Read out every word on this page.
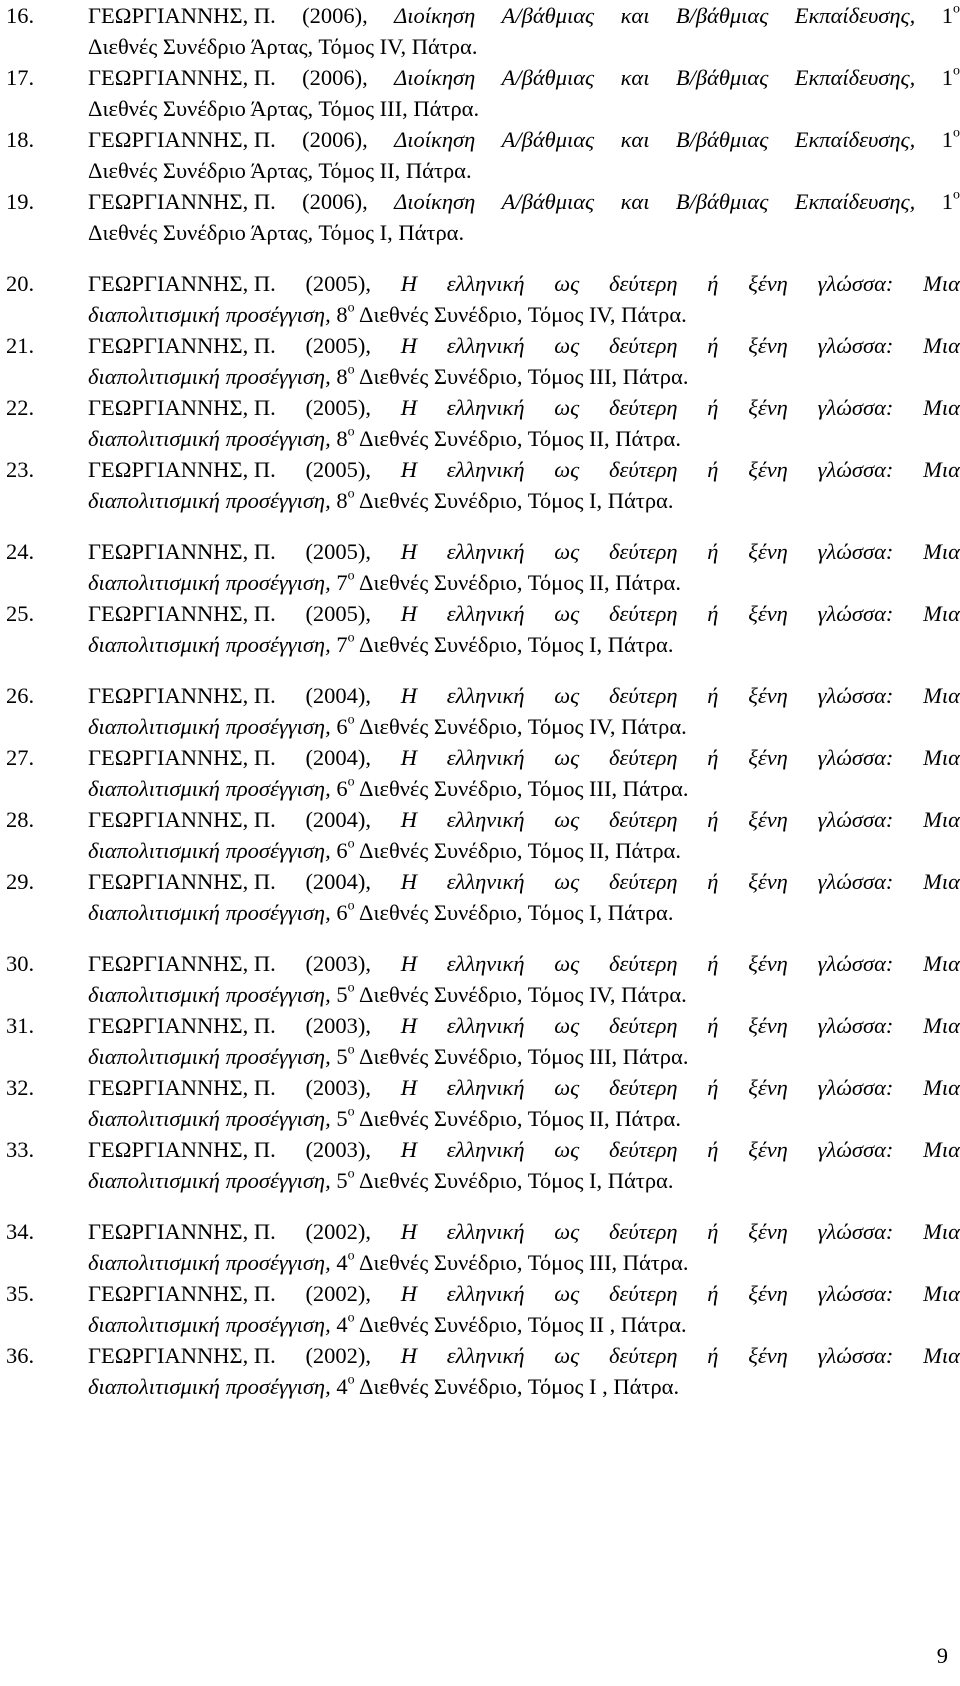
16.	ΓΕΩΡΓΙΑΝΝΗΣ, Π. (2006), Διοίκηση Α/βάθμιας και Β/βάθμιας Εκπαίδευσης, $1^o$
Διεθνές Συνέδριο Άρτας, Τόμος IV, Πάτρα.
17.	ΓΕΩΡΓΙΑΝΝΗΣ, Π. (2006), Διοίκηση Α/βάθμιας και Β/βάθμιας Εκπαίδευσης, $1^o$
Διεθνές Συνέδριο Άρτας, Τόμος ΙΙΙ, Πάτρα.
18.	ΓΕΩΡΓΙΑΝΝΗΣ, Π. (2006), Διοίκηση Α/βάθμιας και Β/βάθμιας Εκπαίδευσης, $1^o$
Διεθνές Συνέδριο Άρτας, Τόμος ΙΙ, Πάτρα.
19.	ΓΕΩΡΓΙΑΝΝΗΣ, Π. (2006), Διοίκηση Α/βάθμιας και Β/βάθμιας Εκπαίδευσης, $1^o$
Διεθνές Συνέδριο Άρτας, Τόμος Ι, Πάτρα.
20.	ΓΕΩΡΓΙΑΝΝΗΣ, Π. (2005), Η ελληνική ως δεύτερη ή ξένη γλώσσα: Μια
διαπολιτισμική προσέγγιση, $8^o$ Διεθνές Συνέδριο, Τόμος IV, Πάτρα.
21.	ΓΕΩΡΓΙΑΝΝΗΣ, Π. (2005), Η ελληνική ως δεύτερη ή ξένη γλώσσα: Μια
διαπολιτισμική προσέγγιση, $8^o$ Διεθνές Συνέδριο, Τόμος ΙΙΙ, Πάτρα.
22.	ΓΕΩΡΓΙΑΝΝΗΣ, Π. (2005), Η ελληνική ως δεύτερη ή ξένη γλώσσα: Μια
διαπολιτισμική προσέγγιση, $8^o$ Διεθνές Συνέδριο, Τόμος ΙΙ, Πάτρα.
23.	ΓΕΩΡΓΙΑΝΝΗΣ, Π. (2005), Η ελληνική ως δεύτερη ή ξένη γλώσσα: Μια
διαπολιτισμική προσέγγιση, $8^o$ Διεθνές Συνέδριο, Τόμος Ι, Πάτρα.
24.	ΓΕΩΡΓΙΑΝΝΗΣ, Π. (2005), Η ελληνική ως δεύτερη ή ξένη γλώσσα: Μια
διαπολιτισμική προσέγγιση, $7^o$ Διεθνές Συνέδριο, Τόμος ΙΙ, Πάτρα.
25.	ΓΕΩΡΓΙΑΝΝΗΣ, Π. (2005), Η ελληνική ως δεύτερη ή ξένη γλώσσα: Μια
διαπολιτισμική προσέγγιση, $7^o$ Διεθνές Συνέδριο, Τόμος Ι, Πάτρα.
26.	ΓΕΩΡΓΙΑΝΝΗΣ, Π. (2004), Η ελληνική ως δεύτερη ή ξένη γλώσσα: Μια
διαπολιτισμική προσέγγιση, $6^o$ Διεθνές Συνέδριο, Τόμος IV, Πάτρα.
27.	ΓΕΩΡΓΙΑΝΝΗΣ, Π. (2004), Η ελληνική ως δεύτερη ή ξένη γλώσσα: Μια
διαπολιτισμική προσέγγιση, $6^o$ Διεθνές Συνέδριο, Τόμος ΙΙΙ, Πάτρα.
28.	ΓΕΩΡΓΙΑΝΝΗΣ, Π. (2004), Η ελληνική ως δεύτερη ή ξένη γλώσσα: Μια
διαπολιτισμική προσέγγιση, $6^o$ Διεθνές Συνέδριο, Τόμος ΙΙ, Πάτρα.
29.	ΓΕΩΡΓΙΑΝΝΗΣ, Π. (2004), Η ελληνική ως δεύτερη ή ξένη γλώσσα: Μια
διαπολιτισμική προσέγγιση, $6^o$ Διεθνές Συνέδριο, Τόμος Ι, Πάτρα.
30.	ΓΕΩΡΓΙΑΝΝΗΣ, Π. (2003), Η ελληνική ως δεύτερη ή ξένη γλώσσα: Μια
διαπολιτισμική προσέγγιση, $5^o$ Διεθνές Συνέδριο, Τόμος IV, Πάτρα.
31.	ΓΕΩΡΓΙΑΝΝΗΣ, Π. (2003), Η ελληνική ως δεύτερη ή ξένη γλώσσα: Μια
διαπολιτισμική προσέγγιση, $5^o$ Διεθνές Συνέδριο, Τόμος ΙΙΙ, Πάτρα.
32.	ΓΕΩΡΓΙΑΝΝΗΣ, Π. (2003), Η ελληνική ως δεύτερη ή ξένη γλώσσα: Μια
διαπολιτισμική προσέγγιση, $5^o$ Διεθνές Συνέδριο, Τόμος ΙΙ, Πάτρα.
33.	ΓΕΩΡΓΙΑΝΝΗΣ, Π. (2003), Η ελληνική ως δεύτερη ή ξένη γλώσσα: Μια
διαπολιτισμική προσέγγιση, $5^o$ Διεθνές Συνέδριο, Τόμος Ι, Πάτρα.
34.	ΓΕΩΡΓΙΑΝΝΗΣ, Π. (2002), Η ελληνική ως δεύτερη ή ξένη γλώσσα: Μια
διαπολιτισμική προσέγγιση, $4^o$ Διεθνές Συνέδριο, Τόμος ΙΙΙ, Πάτρα.
35.	ΓΕΩΡΓΙΑΝΝΗΣ, Π. (2002), Η ελληνική ως δεύτερη ή ξένη γλώσσα: Μια
διαπολιτισμική προσέγγιση, $4^o$ Διεθνές Συνέδριο, Τόμος ΙΙ , Πάτρα.
36.	ΓΕΩΡΓΙΑΝΝΗΣ, Π. (2002), Η ελληνική ως δεύτερη ή ξένη γλώσσα: Μια
διαπολιτισμική προσέγγιση, $4^o$ Διεθνές Συνέδριο, Τόμος Ι , Πάτρα.
9
